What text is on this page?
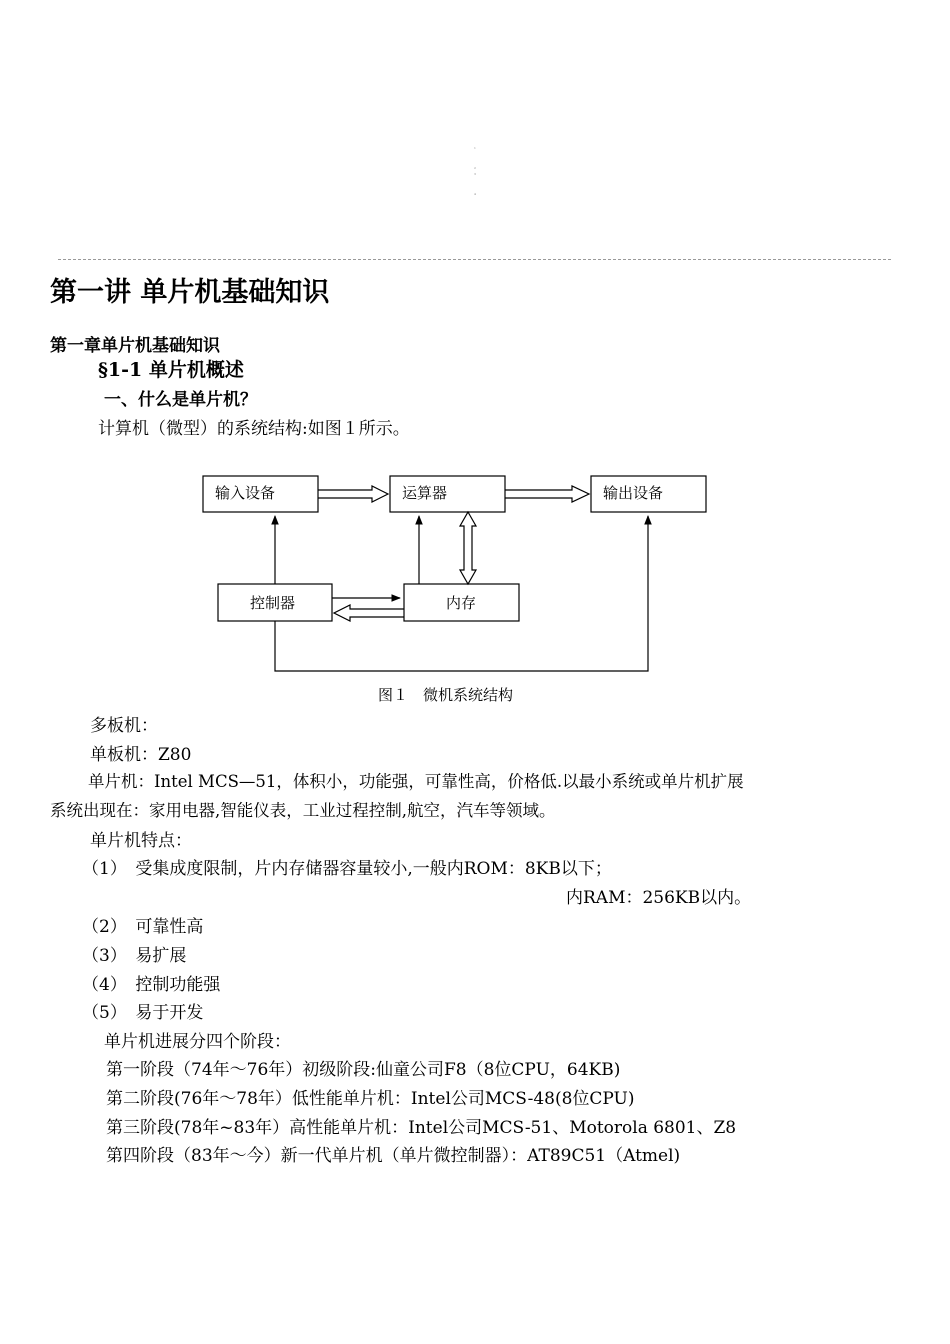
1
2
3
4
第一讲 单片机基础知识
第一章单片机基础知识
§1-1 单片机概述
一、什么是单片机？
计算机（微型）的系统结构:如图１所示。
输入设备	运算器	输出设备
控制器	内存
图１　微机系统结构
多板机：
单板机：Z80
单片机：Intel MCS—51，体积小，功能强，可靠性高，价格低.以最小系统或单片机扩展
系统出现在：家用电器,智能仪表，工业过程控制,航空，汽车等领域。
单片机特点：
（1）　受集成度限制，片内存储器容量较小,一般内ROM：8KB以下；
内RAM：256KB以内。
（2）　可靠性高
（3）　易扩展
（4）　控制功能强
（5）　易于开发
单片机进展分四个阶段：
第一阶段（74年～76年）初级阶段:仙童公司F8（8位CPU，64KB)
第二阶段(76年～78年）低性能单片机：Intel公司MCS-48(8位CPU)
第三阶段(78年~83年）高性能单片机：Intel公司MCS-51、Motorola 6801、Z8
第四阶段（83年～今）新一代单片机（单片微控制器）：AT89C51（Atmel)
